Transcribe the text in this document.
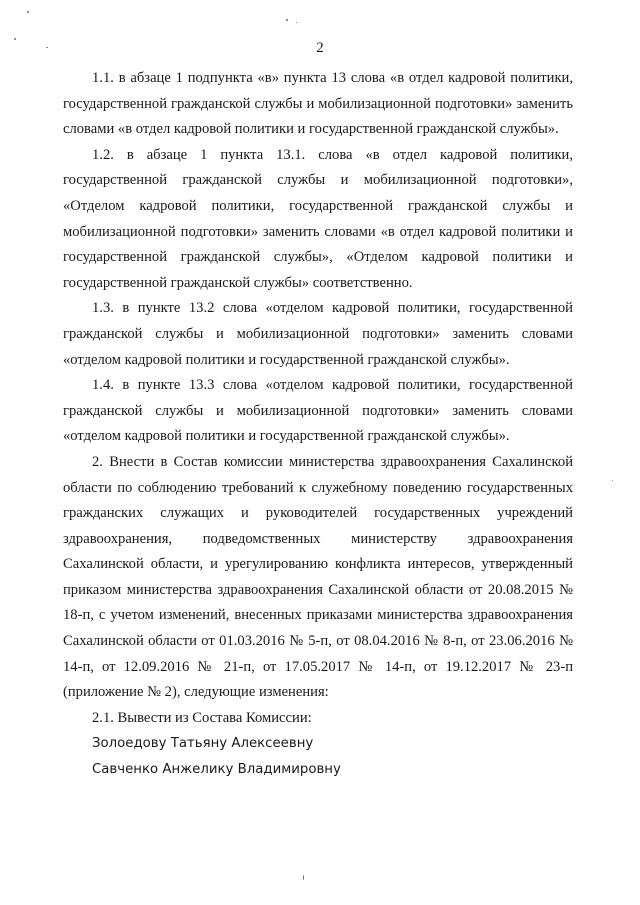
2

1.1. в абзаце 1 подпункта «в» пункта 13 слова «в отдел кадровой политики, государственной гражданской службы и мобилизационной подготовки» заменить словами «в отдел кадровой политики и государственной гражданской службы».

1.2. в абзаце 1 пункта 13.1. слова «в отдел кадровой политики, государственной гражданской службы и мобилизационной подготовки», «Отделом кадровой политики, государственной гражданской службы и мобилизационной подготовки» заменить словами «в отдел кадровой политики и государственной гражданской службы», «Отделом кадровой политики и государственной гражданской службы» соответственно.

1.3. в пункте 13.2 слова «отделом кадровой политики, государственной гражданской службы и мобилизационной подготовки» заменить словами «отделом кадровой политики и государственной гражданской службы».

1.4. в пункте 13.3 слова «отделом кадровой политики, государственной гражданской службы и мобилизационной подготовки» заменить словами «отделом кадровой политики и государственной гражданской службы».

2. Внести в Состав комиссии министерства здравоохранения Сахалинской области по соблюдению требований к служебному поведению государственных гражданских служащих и руководителей государственных учреждений здравоохранения, подведомственных министерству здравоохранения Сахалинской области, и урегулированию конфликта интересов, утвержденный приказом министерства здравоохранения Сахалинской области от 20.08.2015 № 18-п, с учетом изменений, внесенных приказами министерства здравоохранения Сахалинской области от 01.03.2016 № 5-п, от 08.04.2016 № 8-п, от 23.06.2016 № 14-п, от 12.09.2016 № 21-п, от 17.05.2017 № 14-п, от 19.12.2017 № 23-п (приложение № 2), следующие изменения:

2.1. Вывести из Состава Комиссии:

Золоедову Татьяну Алексеевну

Савченко Анжелику Владимировну
